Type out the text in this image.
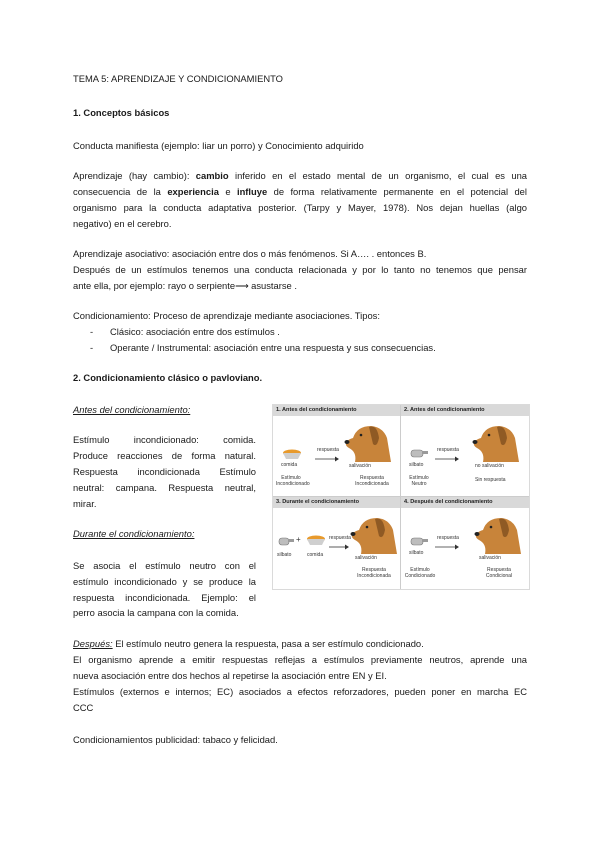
TEMA 5: APRENDIZAJE Y CONDICIONAMIENTO
1. Conceptos básicos
Conducta manifiesta (ejemplo: liar un porro) y Conocimiento adquirido
Aprendizaje (hay cambio): cambio inferido en el estado mental de un organismo, el cual es una
consecuencia de la experiencia e influye de forma relativamente permanente en el potencial del
organismo para la conducta adaptativa posterior. (Tarpy y Mayer, 1978). Nos dejan huellas (algo
negativo) en el cerebro.
Aprendizaje asociativo: asociación entre dos o más fenómenos. Si A…. . entonces B.
Después de un estímulos tenemos una conducta relacionada y por lo tanto no tenemos que pensar
ante ella, por ejemplo: rayo o serpiente⟶ asustarse .
Condicionamiento: Proceso de aprendizaje mediante asociaciones. Tipos:
- Clásico: asociación entre dos estímulos .
- Operante / Instrumental: asociación entre una respuesta y sus consecuencias.
2. Condicionamiento clásico o pavloviano.
Antes del condicionamiento:
Estímulo incondicionado: comida.
Produce reacciones de forma natural.
Respuesta incondicionada Estímulo
neutral: campana. Respuesta neutral,
mirar.
Durante el condicionamiento:
Se asocia el estímulo neutro con el
estímulo incondicionado y se produce la
respuesta incondicionada. Ejemplo: el
perro asocia la campana con la comida.
Después: El estímulo neutro genera la respuesta, pasa a ser estímulo condicionado.
El organismo aprende a emitir respuestas reflejas a estímulos previamente neutros, aprende una
nueva asociación entre dos hechos al repetirse la asociación entre EN y EI.
Estímulos (externos e internos; EC) asociados a efectos reforzadores, pueden poner en marcha EC
CCC
Condicionamientos publicidad: tabaco y felicidad.
1. Antes del condicionamiento
comida
respuesta
salivación
Estímulo Incondicionado
Respuesta Incondicionada
2. Antes del condicionamiento
silbato
respuesta
no salivación
Estímulo Neutro
Sin respuesta
3. Durante el condicionamiento
+
silbato	comida
respuesta
salivación
Respuesta Incondicionada
4. Después del condicionamiento
silbato
respuesta
salivación
Estímulo Condicionado
Respuesta Condicional
